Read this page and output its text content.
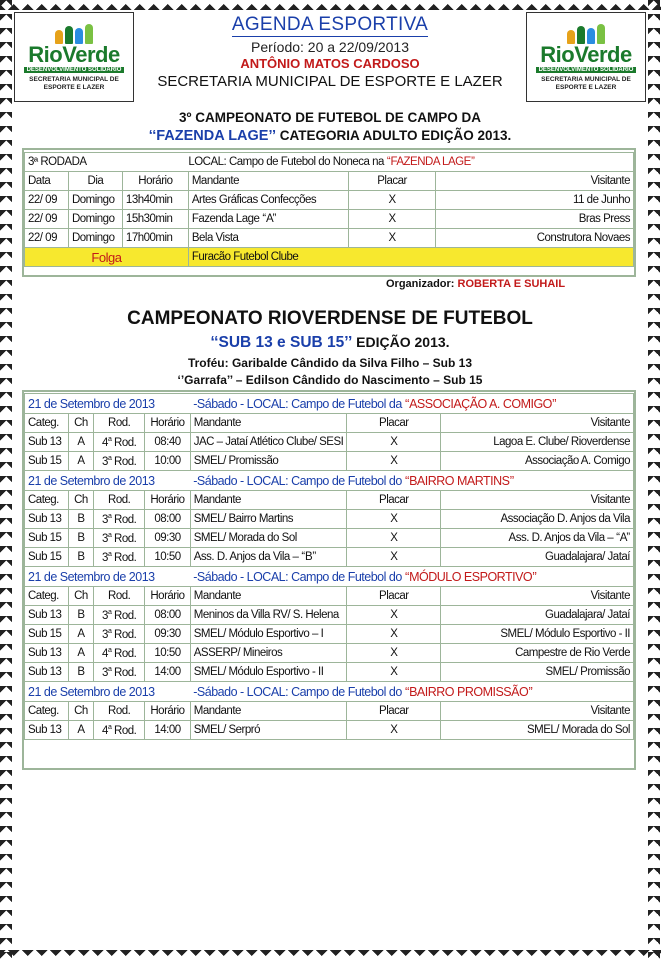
RioVerde
DESENVOLVIMENTO SOLIDÁRIO
SECRETARIA MUNICIPAL DE
ESPORTE E LAZER
AGENDA ESPORTIVA
Período: 20 a 22/09/2013
ANTÔNIO MATOS CARDOSO
SECRETARIA MUNICIPAL DE ESPORTE E LAZER
RioVerde
DESENVOLVIMENTO SOLIDÁRIO
SECRETARIA MUNICIPAL DE
ESPORTE E LAZER
3º CAMPEONATO DE FUTEBOL DE CAMPO DA
‘‘FAZENDA LAGE’’ CATEGORIA ADULTO EDIÇÃO 2013.
3ª RODADA			LOCAL: Campo de Futebol do Noneca na ‘‘FAZENDA LAGE’’		
Data	Dia	Horário	Mandante	Placar	Visitante
22/ 09	Domingo	13h40min	Artes Gráficas Confecções	X	11 de Junho
22/ 09	Domingo	15h30min	Fazenda Lage ‘‘A’’	X	Bras Press
22/ 09	Domingo	17h00min	Bela Vista	X	Construtora Novaes
Folga			Furacão Futebol Clube		
Organizador: ROBERTA E SUHAIL
CAMPEONATO RIOVERDENSE DE FUTEBOL
‘‘SUB 13 e SUB 15’’ EDIÇÃO 2013.
Troféu: Garibalde Cândido da Silva Filho – Sub 13
‘’Garrafa’’ – Edilson Cândido do Nascimento – Sub 15
21 de Setembro de 2013				-Sábado - LOCAL: Campo de Futebol da ‘‘ASSOCIAÇÃO A. COMIGO’’		
Categ.	Ch	Rod.	Horário	Mandante	Placar	Visitante
Sub 13	A	4$^a$ Rod.	08:40	JAC – Jataí Atlético Clube/ SESI	X	Lagoa E. Clube/ Rioverdense
Sub 15	A	3$^a$ Rod.	10:00	SMEL/ Promissão	X	Associação A. Comigo
21 de Setembro de 2013				-Sábado - LOCAL: Campo de Futebol do ‘‘BAIRRO MARTINS’’		
Categ.	Ch	Rod.	Horário	Mandante	Placar	Visitante
Sub 13	B	3$^a$ Rod.	08:00	SMEL/ Bairro Martins	X	Associação D. Anjos da Vila
Sub 15	B	3$^a$ Rod.	09:30	SMEL/ Morada do Sol	X	Ass. D. Anjos da Vila – ‘‘A’’
Sub 15	B	3$^a$ Rod.	10:50	Ass. D. Anjos da Vila – ‘‘B’’	X	Guadalajara/ Jataí
21 de Setembro de 2013				-Sábado - LOCAL: Campo de Futebol do ‘‘MÓDULO ESPORTIVO’’		
Categ.	Ch	Rod.	Horário	Mandante	Placar	Visitante
Sub 13	B	3$^a$ Rod.	08:00	Meninos da Villa RV/ S. Helena	X	Guadalajara/ Jataí
Sub 15	A	3$^a$ Rod.	09:30	SMEL/ Módulo Esportivo – I	X	SMEL/ Módulo Esportivo - II
Sub 13	A	4$^a$ Rod.	10:50	ASSERP/ Mineiros	X	Campestre de Rio Verde
Sub 13	B	3$^a$ Rod.	14:00	SMEL/ Módulo Esportivo - II	X	SMEL/ Promissão
21 de Setembro de 2013				-Sábado - LOCAL: Campo de Futebol do ‘‘BAIRRO PROMISSÃO’’		
Categ.	Ch	Rod.	Horário	Mandante	Placar	Visitante
Sub 13	A	4$^a$ Rod.	14:00	SMEL/ Serpró	X	SMEL/ Morada do Sol
